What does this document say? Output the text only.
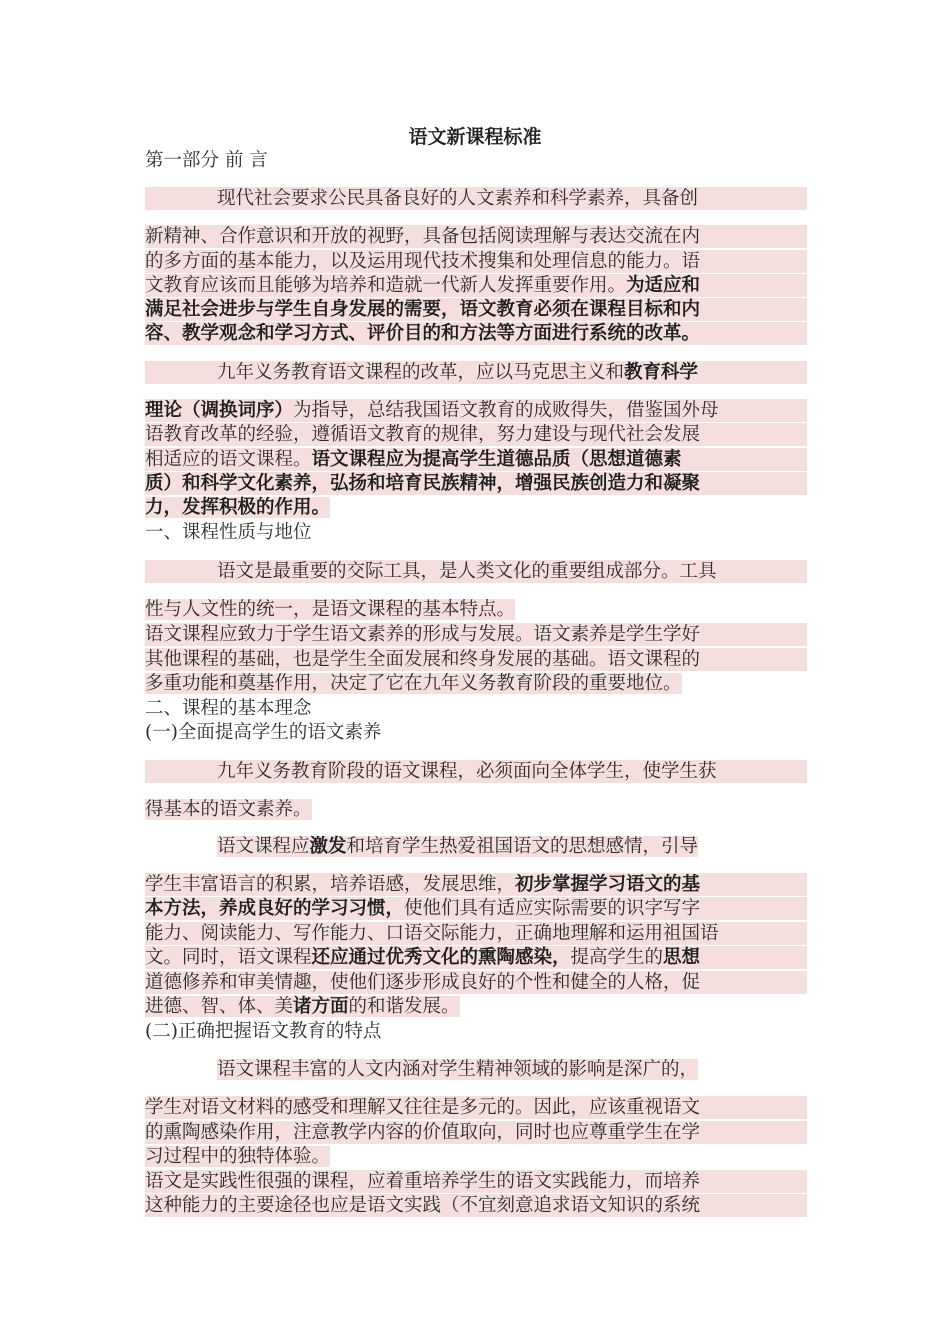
语文新课程标准
第一部分 前 言
现代社会要求公民具备良好的人文素养和科学素养，具备创
新精神、合作意识和开放的视野，具备包括阅读理解与表达交流在内
的多方面的基本能力，以及运用现代技术搜集和处理信息的能力。语
文教育应该而且能够为培养和造就一代新人发挥重要作用。为适应和
满足社会进步与学生自身发展的需要，语文教育必须在课程目标和内
容、教学观念和学习方式、评价目的和方法等方面进行系统的改革。
九年义务教育语文课程的改革，应以马克思主义和教育科学
理论（调换词序）为指导，总结我国语文教育的成败得失，借鉴国外母
语教育改革的经验，遵循语文教育的规律，努力建设与现代社会发展
相适应的语文课程。语文课程应为提高学生道德品质（思想道德素
质）和科学文化素养，弘扬和培育民族精神，增强民族创造力和凝聚
力，发挥积极的作用。
一、课程性质与地位
语文是最重要的交际工具，是人类文化的重要组成部分。工具
性与人文性的统一，是语文课程的基本特点。
语文课程应致力于学生语文素养的形成与发展。语文素养是学生学好
其他课程的基础，也是学生全面发展和终身发展的基础。语文课程的
多重功能和奠基作用，决定了它在九年义务教育阶段的重要地位。
二、课程的基本理念
(一)全面提高学生的语文素养
九年义务教育阶段的语文课程，必须面向全体学生，使学生获
得基本的语文素养。
语文课程应激发和培育学生热爱祖国语文的思想感情，引导
学生丰富语言的积累，培养语感，发展思维，初步掌握学习语文的基
本方法，养成良好的学习习惯，使他们具有适应实际需要的识字写字
能力、阅读能力、写作能力、口语交际能力，正确地理解和运用祖国语
文。同时，语文课程还应通过优秀文化的熏陶感染，提高学生的思想
道德修养和审美情趣，使他们逐步形成良好的个性和健全的人格，促
进德、智、体、美诸方面的和谐发展。
(二)正确把握语文教育的特点
语文课程丰富的人文内涵对学生精神领域的影响是深广的，
学生对语文材料的感受和理解又往往是多元的。因此，应该重视语文
的熏陶感染作用，注意教学内容的价值取向，同时也应尊重学生在学
习过程中的独特体验。
语文是实践性很强的课程，应着重培养学生的语文实践能力，而培养
这种能力的主要途径也应是语文实践（不宜刻意追求语文知识的系统
